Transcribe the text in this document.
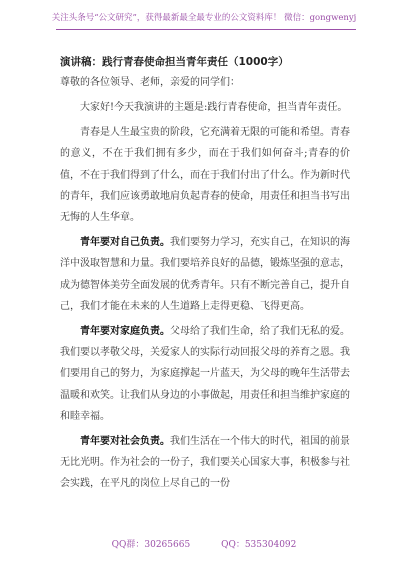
关注头条号“公文研究”，获得最新最全最专业的公文资料库！ 微信：gongwenyj
演讲稿：践行青春使命担当青年责任（1000字）
尊敬的各位领导、老师，亲爱的同学们：

大家好!今天我演讲的主题是:践行青春使命，担当青年责任。

青春是人生最宝贵的阶段，它充满着无限的可能和希望。青春的意义，不在于我们拥有多少，而在于我们如何奋斗;青春的价值，不在于我们得到了什么，而在于我们付出了什么。作为新时代的青年，我们应该勇敢地肩负起青春的使命，用责任和担当书写出无悔的人生华章。

青年要对自己负责。我们要努力学习，充实自己，在知识的海洋中汲取智慧和力量。我们要培养良好的品德，锻炼坚强的意志，成为德智体美劳全面发展的优秀青年。只有不断完善自己，提升自己，我们才能在未来的人生道路上走得更稳、飞得更高。

青年要对家庭负责。父母给了我们生命，给了我们无私的爱。我们要以孝敬父母，关爱家人的实际行动回报父母的养育之恩。我们要用自己的努力，为家庭撑起一片蓝天，为父母的晚年生活带去温暖和欢笑。让我们从身边的小事做起，用责任和担当维护家庭的和睦幸福。

青年要对社会负责。我们生活在一个伟大的时代，祖国的前景无比光明。作为社会的一份子，我们要关心国家大事，积极参与社会实践，在平凡的岗位上尽自己的一份

QQ群：30265665	QQ：535304092
